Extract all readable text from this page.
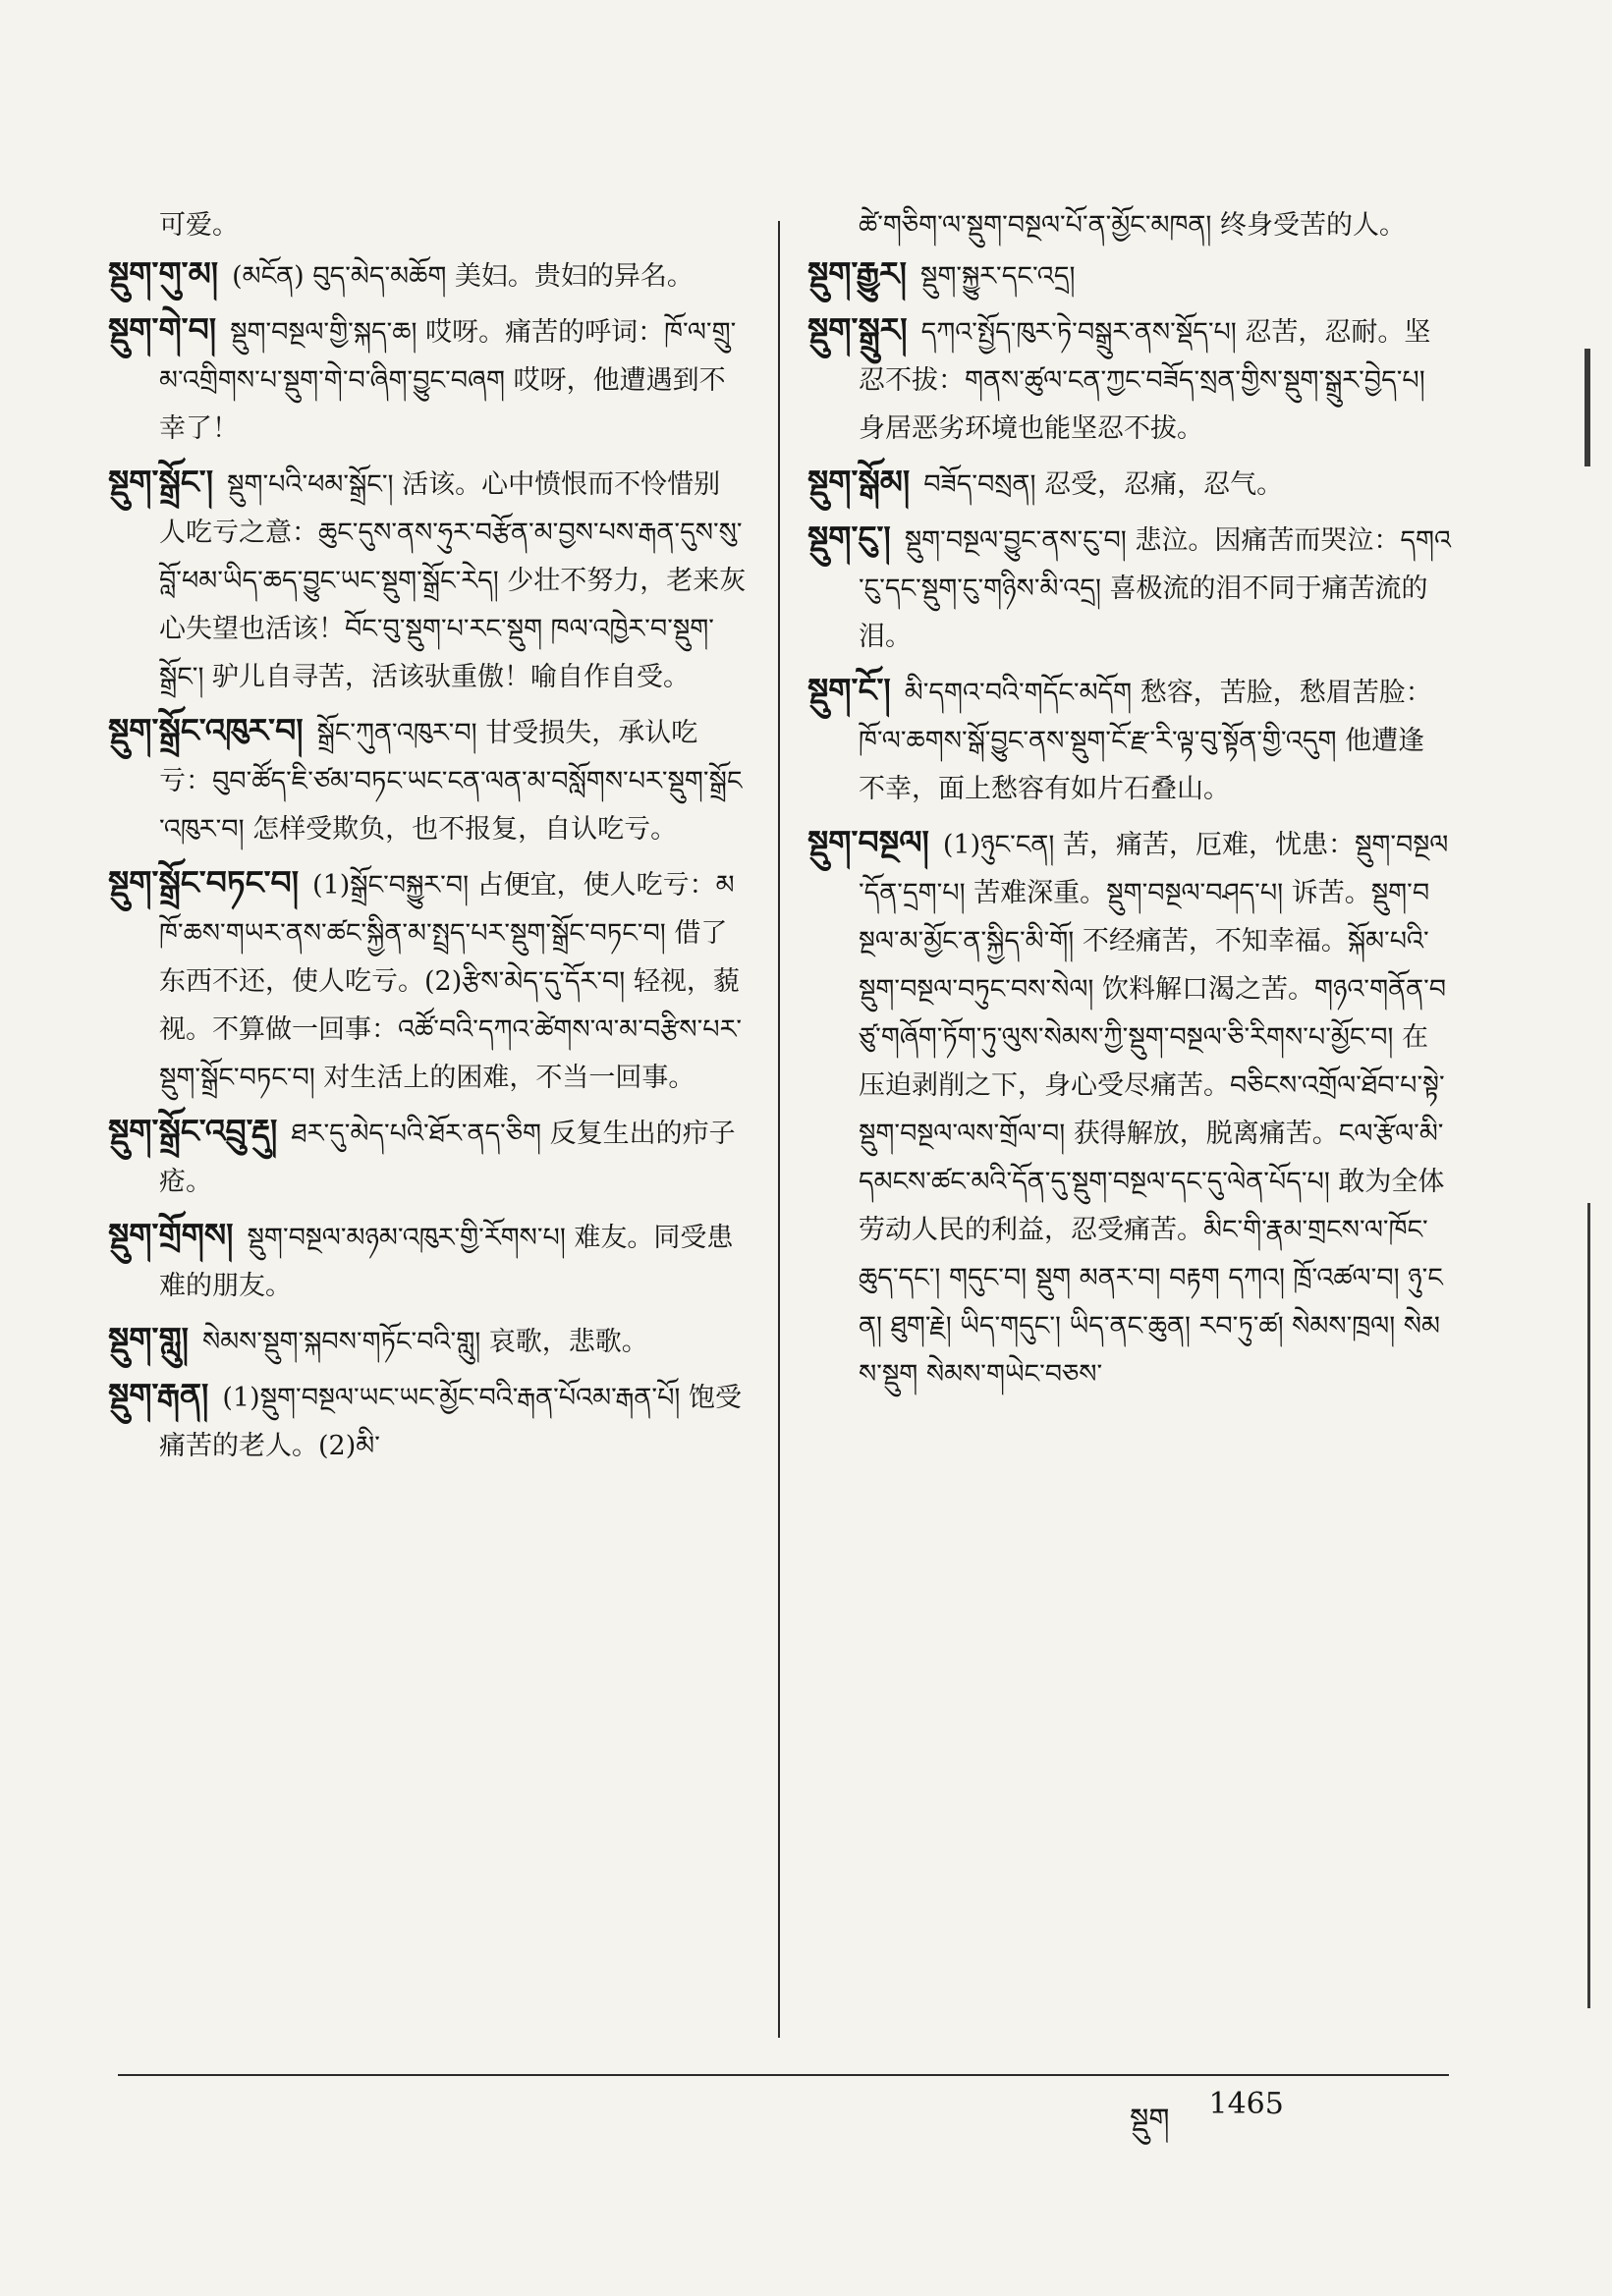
可爱。
སྡུག་གུ་མ། (མངོན) བུད་མེད་མཆོག 美妇。贵妇的异名。
སྡུག་གེ་བ། སྡུག་བསྔལ་གྱི་སྐད་ཆ། 哎呀。痛苦的呼词：ཁོ་ལ་གྲུ་མ་འགྲིགས་པ་སྡུག་གེ་བ་ཞིག་བྱུང་བཞག 哎呀，他遭遇到不幸了！
སྡུག་སྒྲོང་། སྡུག་པའི་ཕམ་སྒྲོང་། 活该。心中愤恨而不怜惜别人吃亏之意：ཆུང་དུས་ནས་ཧུར་བརྩོན་མ་བྱས་པས་རྒན་དུས་སུ་བློ་ཕམ་ཡིད་ཆད་བྱུང་ཡང་སྡུག་སྒྲོང་རེད། 少壮不努力，老来灰心失望也活该！བོང་བུ་སྡུག་པ་རང་སྡུག ཁལ་འཁྱེར་བ་སྡུག་སྒྲོང་། 驴儿自寻苦，活该驮重傲！喻自作自受。
སྡུག་སྒྲོང་འཁུར་བ། སྒྲོང་ཀུན་འཁུར་བ། 甘受损失，承认吃亏：བུབ་ཚོད་ཇི་ཙམ་བཏང་ཡང་ངན་ལན་མ་བསློགས་པར་སྡུག་སྒྲོང་འཁུར་བ། 怎样受欺负，也不报复，自认吃亏。
སྡུག་སྒྲོང་བཏང་བ། (1)སྒྲོང་བསྐྱུར་བ། 占便宜，使人吃亏：མཁོ་ཆས་གཡར་ནས་ཚང་སྐྱིན་མ་སྤྲད་པར་སྡུག་སྒྲོང་བཏང་བ། 借了东西不还，使人吃亏。(2)རྩིས་མེད་དུ་དོར་བ། 轻视，藐视。不算做一回事：འཚོ་བའི་དཀའ་ཚེགས་ལ་མ་བརྩིས་པར་སྡུག་སྒྲོང་བཏང་བ། 对生活上的困难，不当一回事。
སྡུག་སྒྲོང་འབྲུ་རྡུ། ཐར་དུ་མེད་པའི་ཐོར་ནད་ཅིག 反复生出的疖子疮。
སྡུག་གྲོགས། སྡུག་བསྔལ་མཉམ་འཁུར་གྱི་རོགས་པ། 难友。同受患难的朋友。
སྡུག་གླུ། སེམས་སྡུག་སྐབས་གཏོང་བའི་གླུ། 哀歌，悲歌。
སྡུག་རྒན། (1)སྡུག་བསྔལ་ཡང་ཡང་མྱོང་བའི་རྒན་པོའམ་རྒན་པོ། 饱受痛苦的老人。(2)མི་
ཚེ་གཅིག་ལ་སྡུག་བསྔལ་པོ་ན་མྱོང་མཁན། 终身受苦的人。
སྡུག་རྒྱུར། སྡུག་སྐྱུར་དང་འདྲ།
སྡུག་སྒྲུར། དཀའ་སྤྱོད་ཁུར་ཏེ་བསྒྲུར་ནས་སྡོད་པ། 忍苦，忍耐。坚忍不拔：གནས་ཚུལ་ངན་ཀྱང་བཟོད་སྲན་གྱིས་སྡུག་སྒྲུར་བྱེད་པ། 身居恶劣环境也能坚忍不拔。
སྡུག་སྒོམ། བཟོད་བསྲན། 忍受，忍痛，忍气。
སྡུག་ངུ་། སྡུག་བསྔལ་བྱུང་ནས་ངུ་བ། 悲泣。因痛苦而哭泣：དགའ་ངུ་དང་སྡུག་ངུ་གཉིས་མི་འདྲ། 喜极流的泪不同于痛苦流的泪。
སྡུག་ངོ་། མི་དགའ་བའི་གདོང་མདོག 愁容，苦脸，愁眉苦脸：ཁོ་ལ་ཆགས་སྒོ་བྱུང་ནས་སྡུག་ངོ་རྫ་རི་ལྟ་བུ་སྟོན་གྱི་འདུག 他遭逢不幸，面上愁容有如片石叠山。
སྡུག་བསྔལ། (1)ཉུང་ངན། 苦，痛苦，厄难，忧患：སྡུག་བསྔལ་དོན་དྲག་པ། 苦难深重。སྡུག་བསྔལ་བཤད་པ། 诉苦。སྡུག་བསྔལ་མ་མྱོང་ན་སྐྱིད་མི་གོ། 不经痛苦，不知幸福。སྐོམ་པའི་སྡུག་བསྔལ་བཏུང་བས་སེལ། 饮料解口渴之苦。གཉའ་གནོན་བཙུ་གཞོག་ཏོག་ཏུ་ལུས་སེམས་ཀྱི་སྡུག་བསྔལ་ཅི་རིགས་པ་མྱོང་བ། 在压迫剥削之下，身心受尽痛苦。བཅིངས་འགྲོལ་ཐོབ་པ་སྟེ་སྡུག་བསྔལ་ལས་གྲོལ་བ། 获得解放，脱离痛苦。ངལ་རྩོལ་མི་དམངས་ཚང་མའི་དོན་དུ་སྡུག་བསྔལ་དང་དུ་ལེན་པོད་པ། 敢为全体劳动人民的利益，忍受痛苦。མིང་གི་རྣམ་གྲངས་ལ་ཁོང་ཆུད་དང་། གདུང་བ། སྡུག མནར་བ། བརྟག དཀའ། ཁྲོ་འཚལ་བ། ཉུ་ངན། ཐུག་རྗེ། ཡིད་གདུང་། ཡིད་ནང་ཆུན། རབ་ཏུ་ཚ། སེམས་ཁྲལ། སེམས་སྡུག སེམས་གཡེང་བཅས་
སྡུག 1465
